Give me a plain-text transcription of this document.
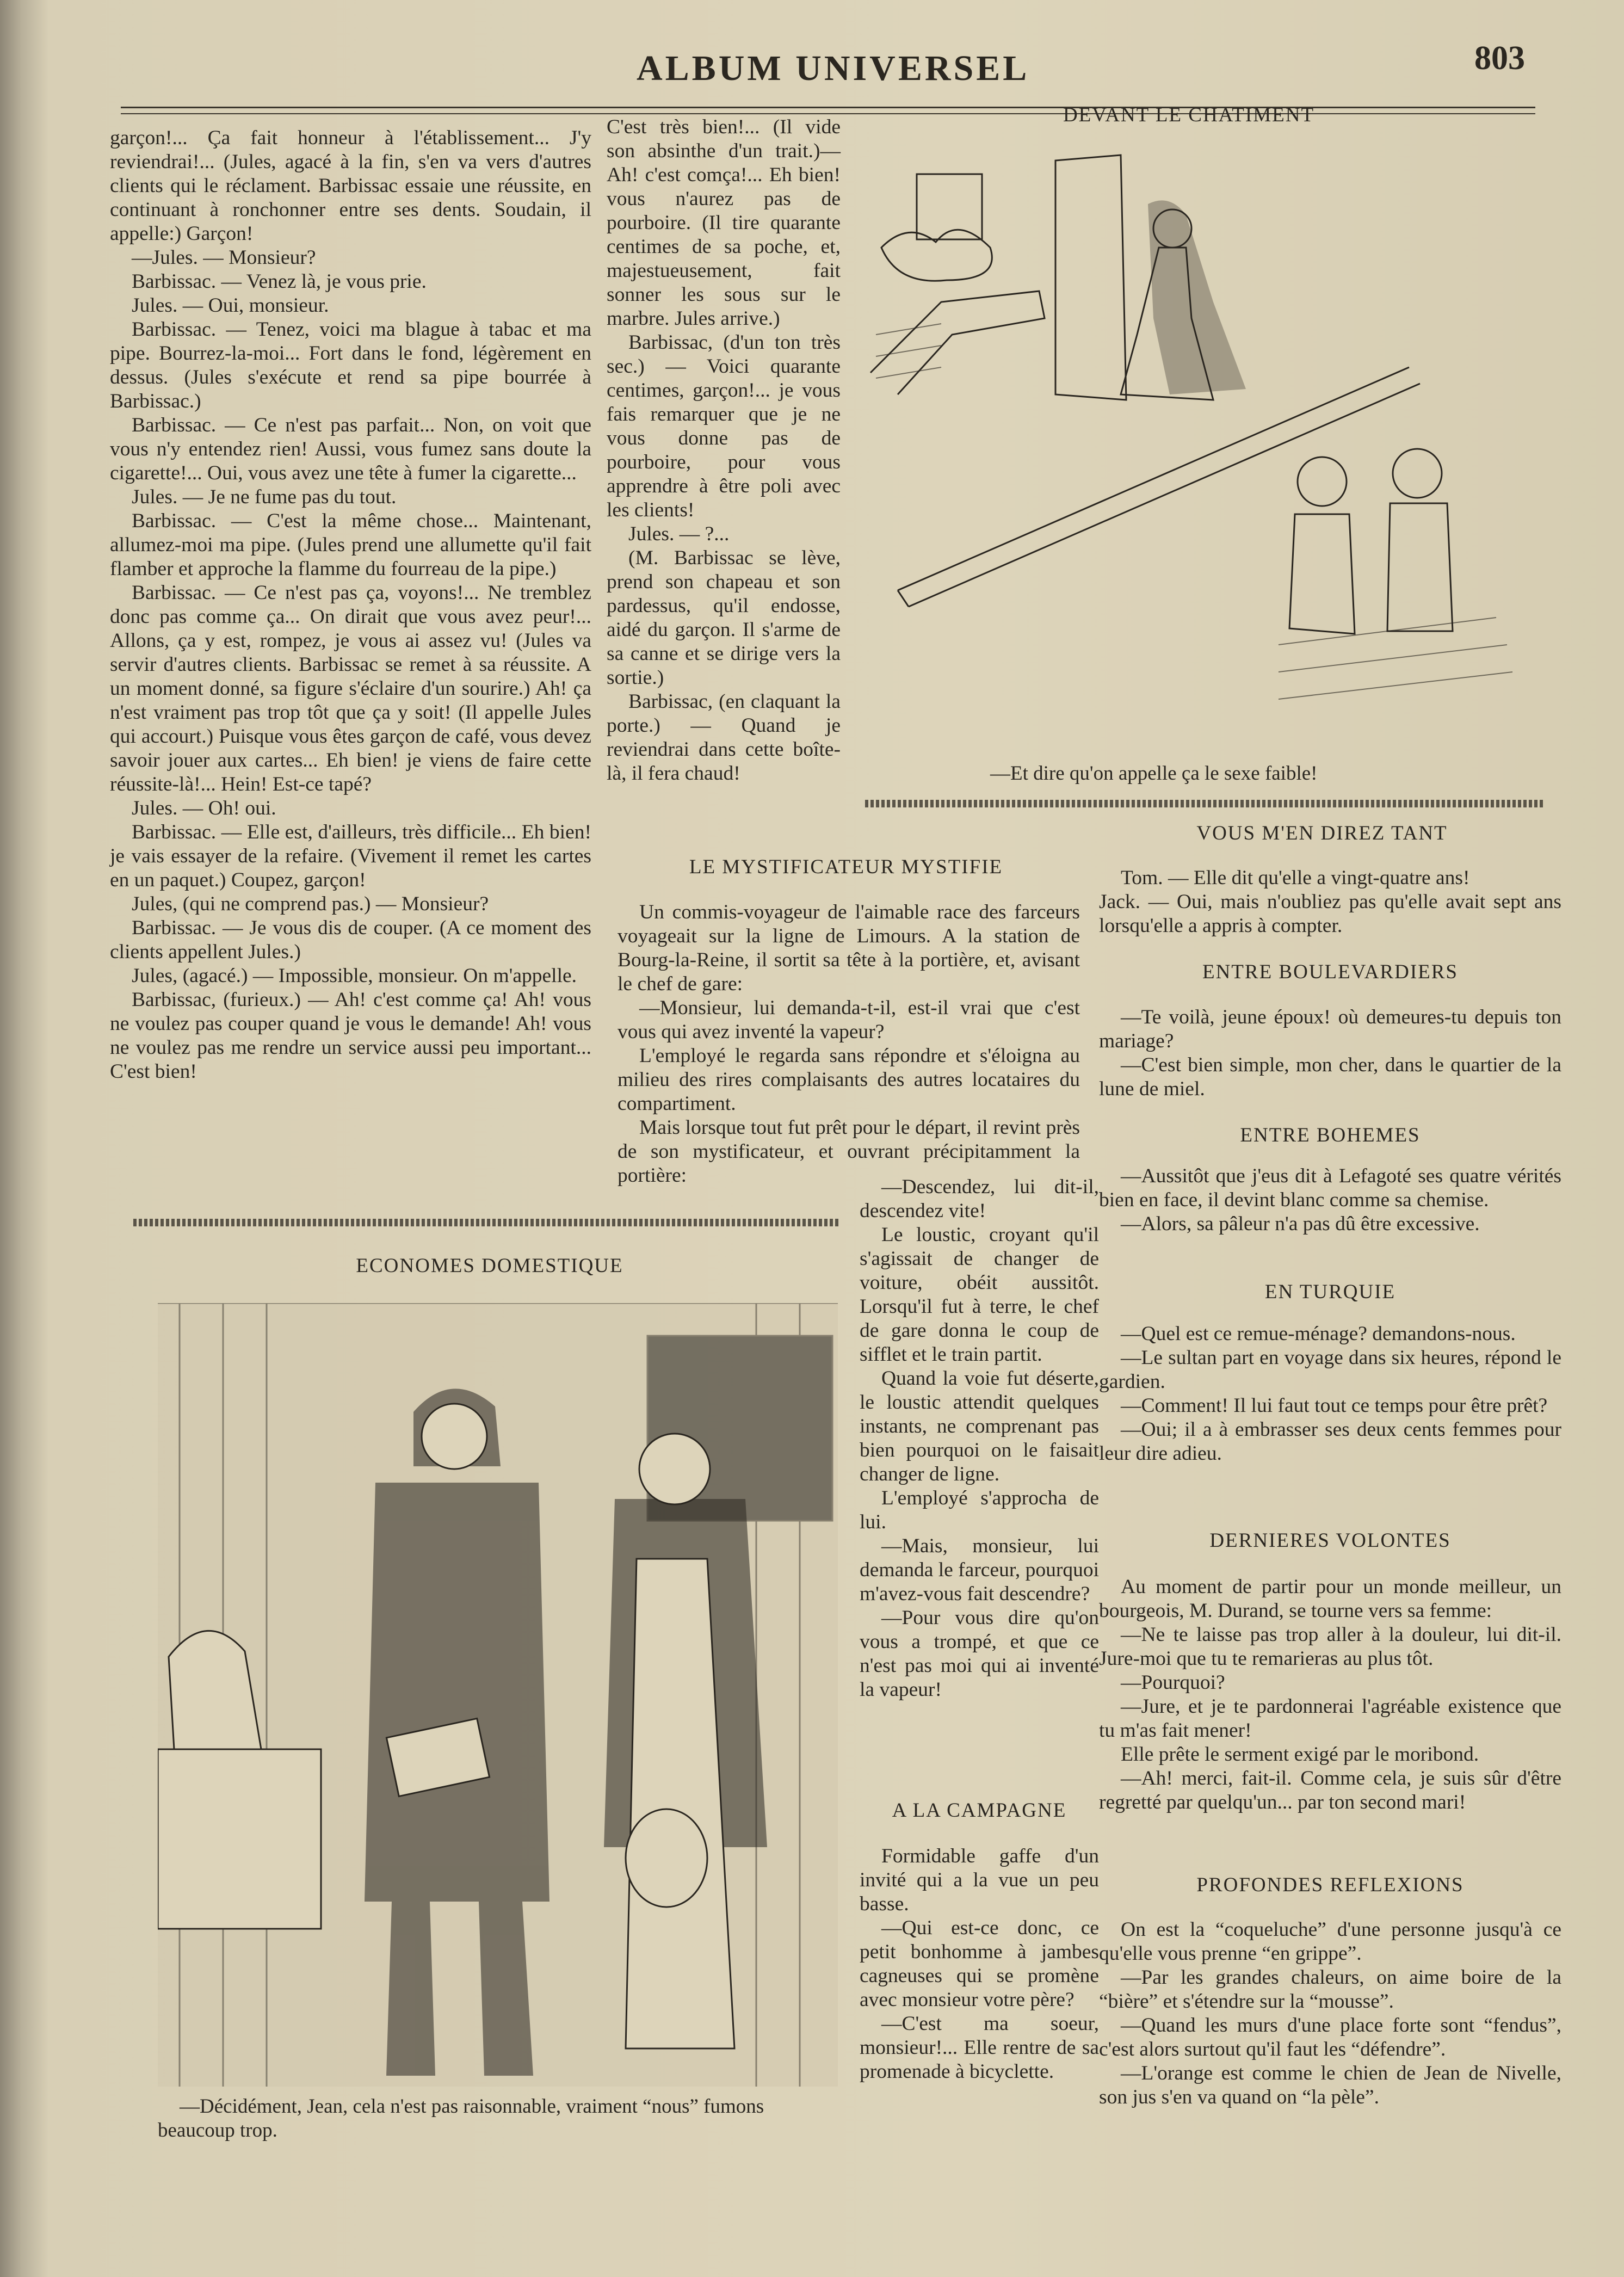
ALBUM UNIVERSEL	803

garçon!... Ça fait honneur à l'établissement... J'y reviendrai!... (Jules, agacé à la fin, s'en va vers d'autres clients qui le réclament. Barbissac essaie une réussite, en continuant à ronchonner entre ses dents. Soudain, il appelle:) Garçon!

—Jules. — Monsieur?

Barbissac. — Venez là, je vous prie.

Jules. — Oui, monsieur.

Barbissac. — Tenez, voici ma blague à tabac et ma pipe. Bourrez-la-moi... Fort dans le fond, légèrement en dessus. (Jules s'exécute et rend sa pipe bourrée à Barbissac.)

Barbissac. — Ce n'est pas parfait... Non, on voit que vous n'y entendez rien! Aussi, vous fumez sans doute la cigarette!... Oui, vous avez une tête à fumer la cigarette...

Jules. — Je ne fume pas du tout.

Barbissac. — C'est la même chose... Maintenant, allumez-moi ma pipe. (Jules prend une allumette qu'il fait flamber et approche la flamme du fourreau de la pipe.)

Barbissac. — Ce n'est pas ça, voyons!... Ne tremblez donc pas comme ça... On dirait que vous avez peur!... Allons, ça y est, rompez, je vous ai assez vu! (Jules va servir d'autres clients. Barbissac se remet à sa réussite. A un moment donné, sa figure s'éclaire d'un sourire.) Ah! ça n'est vraiment pas trop tôt que ça y soit! (Il appelle Jules qui accourt.) Puisque vous êtes garçon de café, vous devez savoir jouer aux cartes... Eh bien! je viens de faire cette réussite-là!... Hein! Est-ce tapé?

Jules. — Oh! oui.

Barbissac. — Elle est, d'ailleurs, très difficile... Eh bien! je vais essayer de la refaire. (Vivement il remet les cartes en un paquet.) Coupez, garçon!

Jules, (qui ne comprend pas.) — Monsieur?

Barbissac. — Je vous dis de couper. (A ce moment des clients appellent Jules.)

Jules, (agacé.) — Impossible, monsieur. On m'appelle.

Barbissac, (furieux.) — Ah! c'est comme ça! Ah! vous ne voulez pas couper quand je vous le demande! Ah! vous ne voulez pas me rendre un service aussi peu important... C'est bien!

C'est très bien!... (Il vide son absinthe d'un trait.)—Ah! c'est comça!... Eh bien! vous n'aurez pas de pourboire. (Il tire quarante centimes de sa poche, et, majestueusement, fait sonner les sous sur le marbre. Jules arrive.)

Barbissac, (d'un ton très sec.) — Voici quarante centimes, garçon!... je vous fais remarquer que je ne vous donne pas de pourboire, pour vous apprendre à être poli avec les clients!

Jules. — ?...

(M. Barbissac se lève, prend son chapeau et son pardessus, qu'il endosse, aidé du garçon. Il s'arme de sa canne et se dirige vers la sortie.)

Barbissac, (en claquant la porte.) — Quand je reviendrai dans cette boîte-là, il fera chaud!

DEVANT LE CHATIMENT
—Et dire qu'on appelle ça le sexe faible!
LE MYSTIFICATEUR MYSTIFIE

Un commis-voyageur de l'aimable race des farceurs voyageait sur la ligne de Limours. A la station de Bourg-la-Reine, il sortit sa tête à la portière, et, avisant le chef de gare:

—Monsieur, lui demanda-t-il, est-il vrai que c'est vous qui avez inventé la vapeur?

L'employé le regarda sans répondre et s'éloigna au milieu des rires complaisants des autres locataires du compartiment.

Mais lorsque tout fut prêt pour le départ, il revint près de son mystificateur, et ouvrant précipitamment la portière:

—Descendez, lui dit-il, descendez vite!

Le loustic, croyant qu'il s'agissait de changer de voiture, obéit aussitôt. Lorsqu'il fut à terre, le chef de gare donna le coup de sifflet et le train partit.

Quand la voie fut déserte, le loustic attendit quelques instants, ne comprenant pas bien pourquoi on le faisait changer de ligne.

L'employé s'approcha de lui.

—Mais, monsieur, lui demanda le farceur, pourquoi m'avez-vous fait descendre?

—Pour vous dire qu'on vous a trompé, et que ce n'est pas moi qui ai inventé la vapeur!

A LA CAMPAGNE

Formidable gaffe d'un invité qui a la vue un peu basse.

—Qui est-ce donc, ce petit bonhomme à jambes cagneuses qui se promène avec monsieur votre père?

—C'est ma soeur, monsieur!... Elle rentre de sa promenade à bicyclette.

ECONOMES DOMESTIQUE
—Décidément, Jean, cela n'est pas raisonnable, vraiment “nous” fumons beaucoup trop.
VOUS M'EN DIREZ TANT

Tom. — Elle dit qu'elle a vingt-quatre ans!

Jack. — Oui, mais n'oubliez pas qu'elle avait sept ans lorsqu'elle a appris à compter.

ENTRE BOULEVARDIERS

—Te voilà, jeune époux! où demeures-tu depuis ton mariage?

—C'est bien simple, mon cher, dans le quartier de la lune de miel.

ENTRE BOHEMES

—Aussitôt que j'eus dit à Lefagoté ses quatre vérités bien en face, il devint blanc comme sa chemise.

—Alors, sa pâleur n'a pas dû être excessive.

EN TURQUIE

—Quel est ce remue-ménage? demandons-nous.

—Le sultan part en voyage dans six heures, répond le gardien.

—Comment! Il lui faut tout ce temps pour être prêt?

—Oui; il a à embrasser ses deux cents femmes pour leur dire adieu.

DERNIERES VOLONTES

Au moment de partir pour un monde meilleur, un bourgeois, M. Durand, se tourne vers sa femme:

—Ne te laisse pas trop aller à la douleur, lui dit-il. Jure-moi que tu te remarieras au plus tôt.

—Pourquoi?

—Jure, et je te pardonnerai l'agréable existence que tu m'as fait mener!

Elle prête le serment exigé par le moribond.

—Ah! merci, fait-il. Comme cela, je suis sûr d'être regretté par quelqu'un... par ton second mari!

PROFONDES REFLEXIONS

On est la “coqueluche” d'une personne jusqu'à ce qu'elle vous prenne “en grippe”.

—Par les grandes chaleurs, on aime boire de la “bière” et s'étendre sur la “mousse”.

—Quand les murs d'une place forte sont “fendus”, c'est alors surtout qu'il faut les “défendre”.

—L'orange est comme le chien de Jean de Nivelle, son jus s'en va quand on “la pèle”.
